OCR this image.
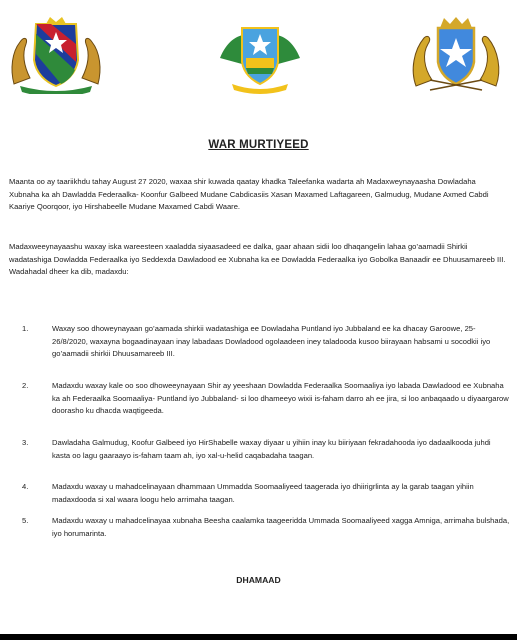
WAR MURTIYEED

Maanta oo ay taariikhdu tahay August 27 2020, waxaa shir kuwada qaatay khadka Taleefanka wadarta ah Madaxweynayaasha Dowladaha Xubnaha ka ah Dawladda Federaalka- Koonfur Galbeed Mudane Cabdicasiis Xasan Maxamed Laftagareen, Galmudug, Mudane Axmed Cabdi Kaariye Qoorqoor, iyo Hirshabeelle Mudane Maxamed Cabdi Waare.

Madaxweeynayaashu waxay iska wareesteen xaaladda siyaasadeed ee dalka, gaar ahaan sidii loo dhaqangelin lahaa go’aamadii Shirkii wadatashiga Dowladda Federaalka iyo Seddexda Dawladood ee Xubnaha ka ee Dowladda Federaalka iyo Gobolka Banaadir ee Dhuusamareeb III. Wadahadal dheer ka dib, madaxdu:

1.	Waxay soo dhoweynayaan go’aamada shirkii wadatashiga ee Dowladaha Puntland iyo Jubbaland ee ka dhacay Garoowe, 25-26/8/2020, waxayna bogaadinayaan inay labadaas Dowladood ogolaadeen iney taladooda kusoo biirayaan habsami u socodkii iyo go’aamadii shirkii Dhuusamareeb III.
2.	Madaxdu waxay kale oo soo dhoweeynayaan Shir ay yeeshaan Dowladda Federaalka Soomaaliya iyo labada Dawladood ee Xubnaha ka ah Federaalka Soomaaliya- Puntland iyo Jubbaland- si loo dhameeyo wixii is-faham darro ah ee jira, si loo anbaqaado u diyaargarow doorasho ku dhacda waqtigeeda.
3.	Dawladaha Galmudug, Koofur Galbeed iyo HirShabelle waxay diyaar u yihiin inay ku biiriyaan fekradahooda iyo dadaalkooda juhdi kasta oo lagu gaaraayo is-faham taam ah, iyo xal-u-helid caqabadaha taagan.
4.	Madaxdu waxay u mahadcelinayaan dhammaan Ummadda Soomaaliyeed taagerada iyo dhiirigrlinta ay la garab taagan yihiin madaxdooda si xal waara loogu helo arrimaha taagan.
5.	Madaxdu waxay u mahadcelinayaa xubnaha Beesha caalamka taageeridda Ummada Soomaaliyeed xagga Amniga, arrimaha bulshada, iyo horumarinta.
DHAMAAD
